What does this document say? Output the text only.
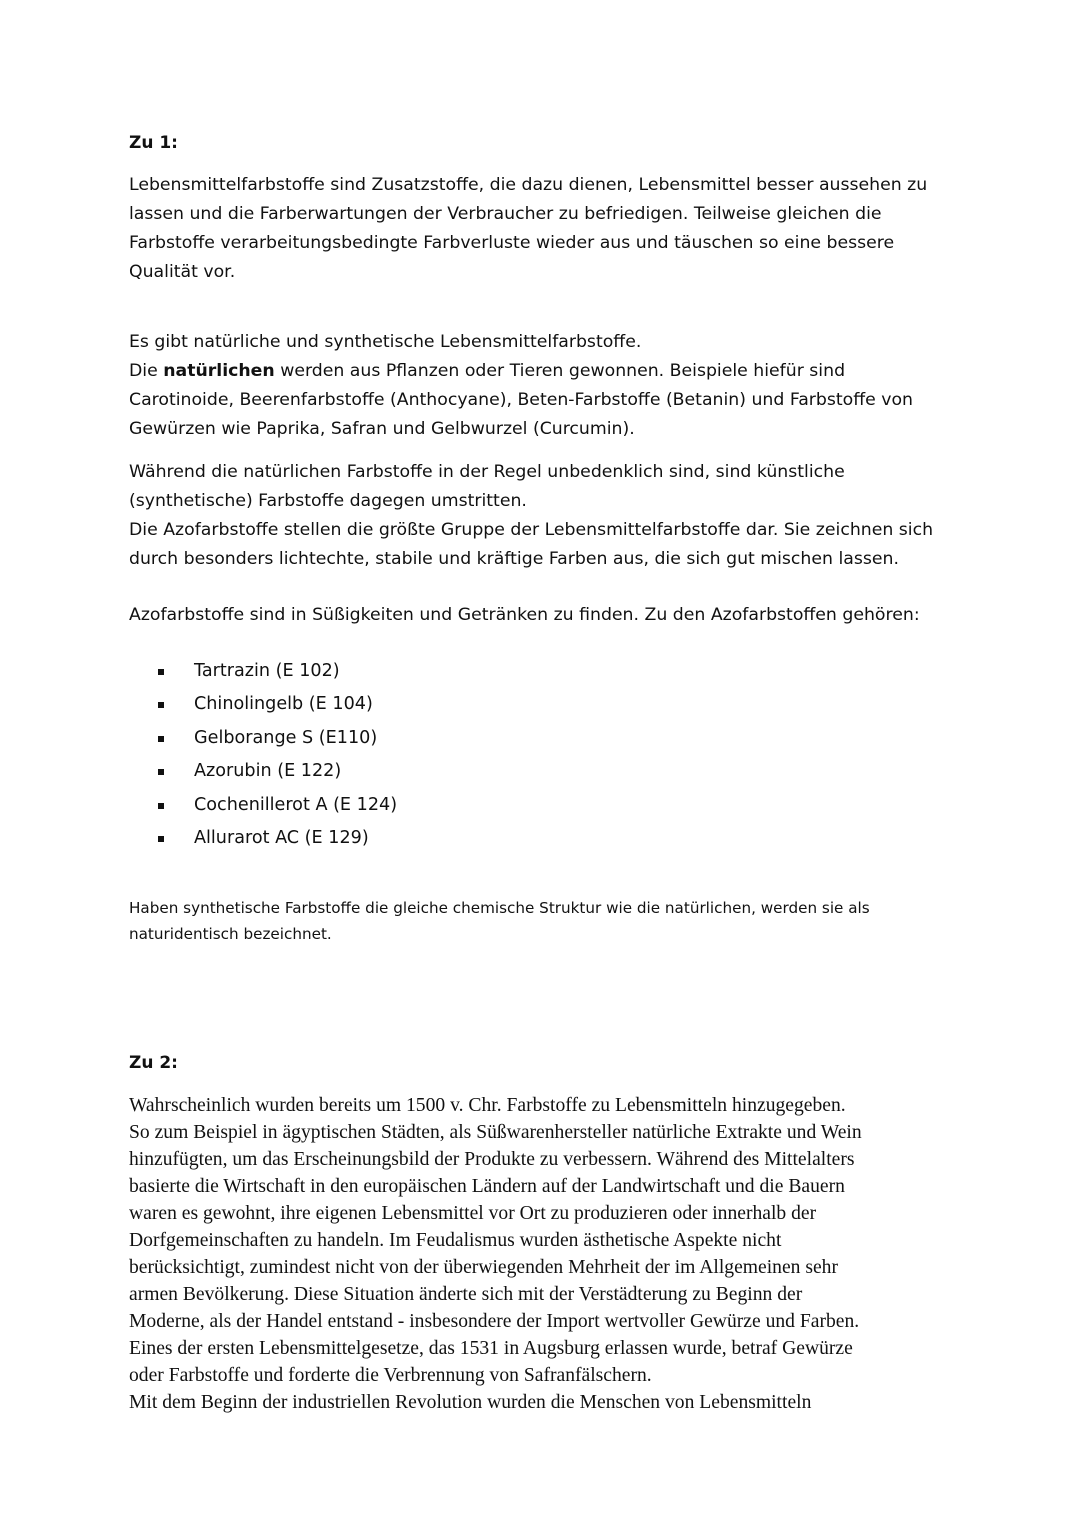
Zu 1:

Lebensmittelfarbstoffe sind Zusatzstoffe, die dazu dienen, Lebensmittel besser aussehen zu
lassen und die Farberwartungen der Verbraucher zu befriedigen. Teilweise gleichen die
Farbstoffe verarbeitungsbedingte Farbverluste wieder aus und täuschen so eine bessere
Qualität vor.

Es gibt natürliche und synthetische Lebensmittelfarbstoffe.
Die natürlichen werden aus Pflanzen oder Tieren gewonnen. Beispiele hiefür sind
Carotinoide, Beerenfarbstoffe (Anthocyane), Beten-Farbstoffe (Betanin) und Farbstoffe von
Gewürzen wie Paprika, Safran und Gelbwurzel (Curcumin).

Während die natürlichen Farbstoffe in der Regel unbedenklich sind, sind künstliche
(synthetische) Farbstoffe dagegen umstritten.
Die Azofarbstoffe stellen die größte Gruppe der Lebensmittelfarbstoffe dar. Sie zeichnen sich
durch besonders lichtechte, stabile und kräftige Farben aus, die sich gut mischen lassen.

Azofarbstoffe sind in Süßigkeiten und Getränken zu finden. Zu den Azofarbstoffen gehören:

Tartrazin (E 102)
Chinolingelb (E 104)
Gelborange S (E110)
Azorubin (E 122)
Cochenillerot A (E 124)
Allurarot AC (E 129)

Haben synthetische Farbstoffe die gleiche chemische Struktur wie die natürlichen, werden sie als
naturidentisch bezeichnet.

Zu 2:

Wahrscheinlich wurden bereits um 1500 v. Chr. Farbstoffe zu Lebensmitteln hinzugegeben.
So zum Beispiel in ägyptischen Städten, als Süßwarenhersteller natürliche Extrakte und Wein
hinzufügten, um das Erscheinungsbild der Produkte zu verbessern. Während des Mittelalters
basierte die Wirtschaft in den europäischen Ländern auf der Landwirtschaft und die Bauern
waren es gewohnt, ihre eigenen Lebensmittel vor Ort zu produzieren oder innerhalb der
Dorfgemeinschaften zu handeln. Im Feudalismus wurden ästhetische Aspekte nicht
berücksichtigt, zumindest nicht von der überwiegenden Mehrheit der im Allgemeinen sehr
armen Bevölkerung. Diese Situation änderte sich mit der Verstädterung zu Beginn der
Moderne, als der Handel entstand - insbesondere der Import wertvoller Gewürze und Farben.
Eines der ersten Lebensmittelgesetze, das 1531 in Augsburg erlassen wurde, betraf Gewürze
oder Farbstoffe und forderte die Verbrennung von Safranfälschern.
Mit dem Beginn der industriellen Revolution wurden die Menschen von Lebensmitteln
